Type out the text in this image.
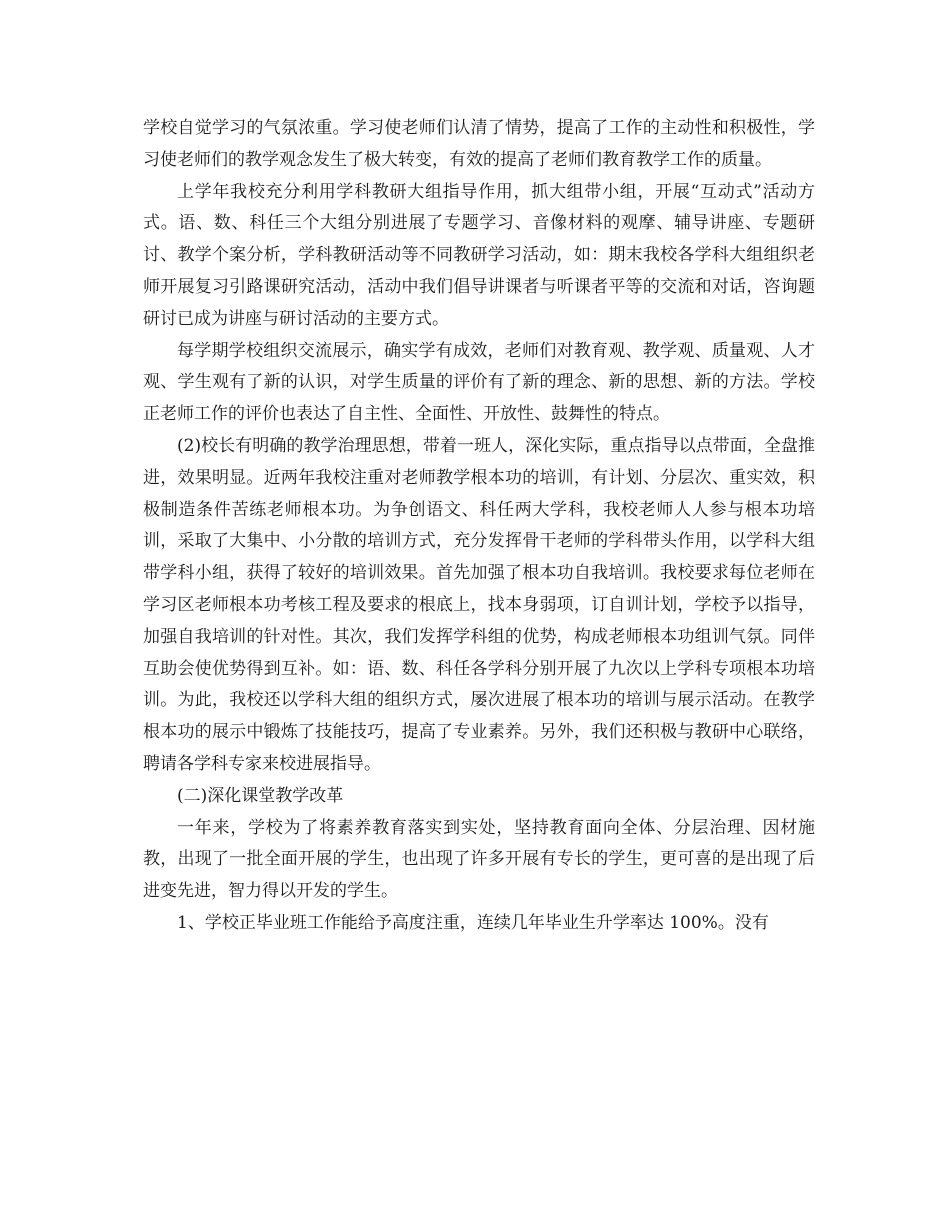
学校自觉学习的气氛浓重。学习使老师们认清了情势，提高了工作的主动性和积极性，学习使老师们的教学观念发生了极大转变，有效的提高了老师们教育教学工作的质量。

上学年我校充分利用学科教研大组指导作用，抓大组带小组，开展“互动式”活动方式。语、数、科任三个大组分别进展了专题学习、音像材料的观摩、辅导讲座、专题研讨、教学个案分析，学科教研活动等不同教研学习活动，如：期末我校各学科大组组织老师开展复习引路课研究活动，活动中我们倡导讲课者与听课者平等的交流和对话，咨询题研讨已成为讲座与研讨活动的主要方式。

每学期学校组织交流展示，确实学有成效，老师们对教育观、教学观、质量观、人才观、学生观有了新的认识，对学生质量的评价有了新的理念、新的思想、新的方法。学校正老师工作的评价也表达了自主性、全面性、开放性、鼓舞性的特点。

(2)校长有明确的教学治理思想，带着一班人，深化实际，重点指导以点带面，全盘推进，效果明显。近两年我校注重对老师教学根本功的培训，有计划、分层次、重实效，积极制造条件苦练老师根本功。为争创语文、科任两大学科，我校老师人人参与根本功培训，采取了大集中、小分散的培训方式，充分发挥骨干老师的学科带头作用，以学科大组带学科小组，获得了较好的培训效果。首先加强了根本功自我培训。我校要求每位老师在学习区老师根本功考核工程及要求的根底上，找本身弱项，订自训计划，学校予以指导，加强自我培训的针对性。其次，我们发挥学科组的优势，构成老师根本功组训气氛。同伴互助会使优势得到互补。如：语、数、科任各学科分别开展了九次以上学科专项根本功培训。为此，我校还以学科大组的组织方式，屡次进展了根本功的培训与展示活动。在教学根本功的展示中锻炼了技能技巧，提高了专业素养。另外，我们还积极与教研中心联络，聘请各学科专家来校进展指导。

(二)深化课堂教学改革

一年来，学校为了将素养教育落实到实处，坚持教育面向全体、分层治理、因材施教，出现了一批全面开展的学生，也出现了许多开展有专长的学生，更可喜的是出现了后进变先进，智力得以开发的学生。

1、学校正毕业班工作能给予高度注重，连续几年毕业生升学率达 100%。没有
